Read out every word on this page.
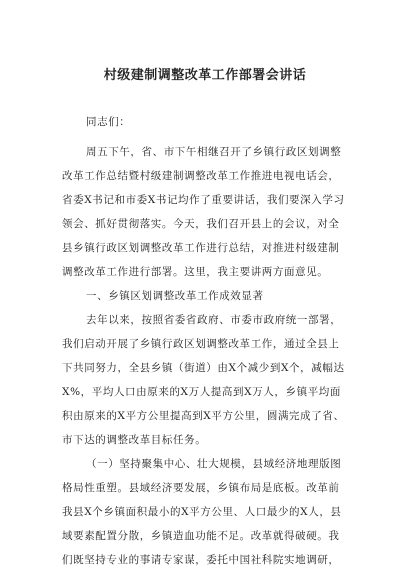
村级建制调整改革工作部署会讲话
同志们：
周五下午，省、市下午相继召开了乡镇行政区划调整
改革工作总结暨村级建制调整改革工作推进电视电话会，
省委X书记和市委X书记均作了重要讲话，我们要深入学习
领会、抓好贯彻落实。今天，我们召开县上的会议，对全
县乡镇行政区划调整改革工作进行总结，对推进村级建制
调整改革工作进行部署。这里，我主要讲两方面意见。
一、乡镇区划调整改革工作成效显著
去年以来，按照省委省政府、市委市政府统一部署，
我们启动开展了乡镇行政区划调整改革工作，通过全县上
下共同努力，全县乡镇（街道）由X个减少到X个，减幅达
X%，平均人口由原来的X万人提高到X万人，乡镇平均面
积由原来的X平方公里提高到X平方公里，圆满完成了省、
市下达的调整改革目标任务。
（一）坚持聚集中心、壮大规模，县域经济地理版图
格局性重塑。县域经济要发展，乡镇布局是底板。改革前
我县X个乡镇面积最小的X平方公里、人口最少的X人，县
域要素配置分散，乡镇造血功能不足。改革就得破硬。我
们既坚持专业的事请专家谋，委托中国社科院实地调研，
